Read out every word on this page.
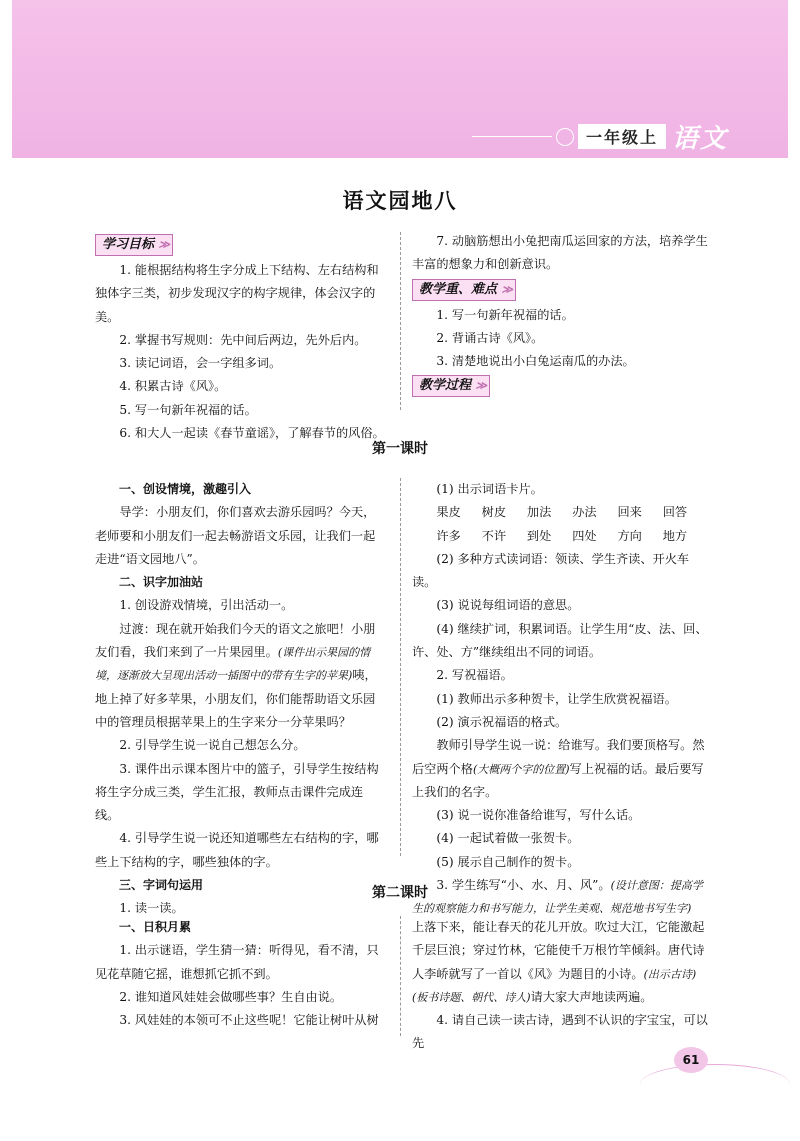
一年级上 语文
语文园地八
学习目标 ≫

1. 能根据结构将生字分成上下结构、左右结构和独体字三类，初步发现汉字的构字规律，体会汉字的美。

2. 掌握书写规则：先中间后两边，先外后内。

3. 读记词语，会一字组多词。

4. 积累古诗《风》。

5. 写一句新年祝福的话。

6. 和大人一起读《春节童谣》，了解春节的风俗。

7. 动脑筋想出小兔把南瓜运回家的方法，培养学生丰富的想象力和创新意识。

教学重、难点 ≫

1. 写一句新年祝福的话。

2. 背诵古诗《风》。

3. 清楚地说出小白兔运南瓜的办法。

教学过程 ≫
第一课时

一、创设情境，激趣引入

导学：小朋友们，你们喜欢去游乐园吗？今天，老师要和小朋友们一起去畅游语文乐园，让我们一起走进“语文园地八”。

二、识字加油站

1. 创设游戏情境，引出活动一。

过渡：现在就开始我们今天的语文之旅吧！小朋友们看，我们来到了一片果园里。(课件出示果园的情境，逐渐放大呈现出活动一插图中的带有生字的苹果)咦，地上掉了好多苹果，小朋友们，你们能帮助语文乐园中的管理员根据苹果上的生字来分一分苹果吗？

2. 引导学生说一说自己想怎么分。

3. 课件出示课本图片中的篮子，引导学生按结构将生字分成三类，学生汇报，教师点击课件完成连线。

4. 引导学生说一说还知道哪些左右结构的字，哪些上下结构的字，哪些独体的字。

三、字词句运用

1. 读一读。

(1) 出示词语卡片。

果皮	树皮	加法	办法	回来	回答
许多	不许	到处	四处	方向	地方

(2) 多种方式读词语：领读、学生齐读、开火车读。

(3) 说说每组词语的意思。

(4) 继续扩词，积累词语。让学生用“皮、法、回、许、处、方”继续组出不同的词语。

2. 写祝福语。

(1) 教师出示多种贺卡，让学生欣赏祝福语。

(2) 演示祝福语的格式。

教师引导学生说一说：给谁写。我们要顶格写。然后空两个格(大概两个字的位置)写上祝福的话。最后要写上我们的名字。

(3) 说一说你准备给谁写，写什么话。

(4) 一起试着做一张贺卡。

(5) 展示自己制作的贺卡。

3. 学生练写“小、水、月、风”。(设计意图：提高学生的观察能力和书写能力，让学生美观、规范地书写生字)

第二课时

一、日积月累

1. 出示谜语，学生猜一猜：听得见，看不清，只见花草随它摇，谁想抓它抓不到。

2. 谁知道风娃娃会做哪些事？生自由说。

3. 风娃娃的本领可不止这些呢！它能让树叶从树

上落下来，能让春天的花儿开放。吹过大江，它能激起千层巨浪；穿过竹林，它能使千万根竹竿倾斜。唐代诗人李峤就写了一首以《风》为题目的小诗。(出示古诗)(板书诗题、朝代、诗人)请大家大声地读两遍。

4. 请自己读一读古诗，遇到不认识的字宝宝，可以先

61
